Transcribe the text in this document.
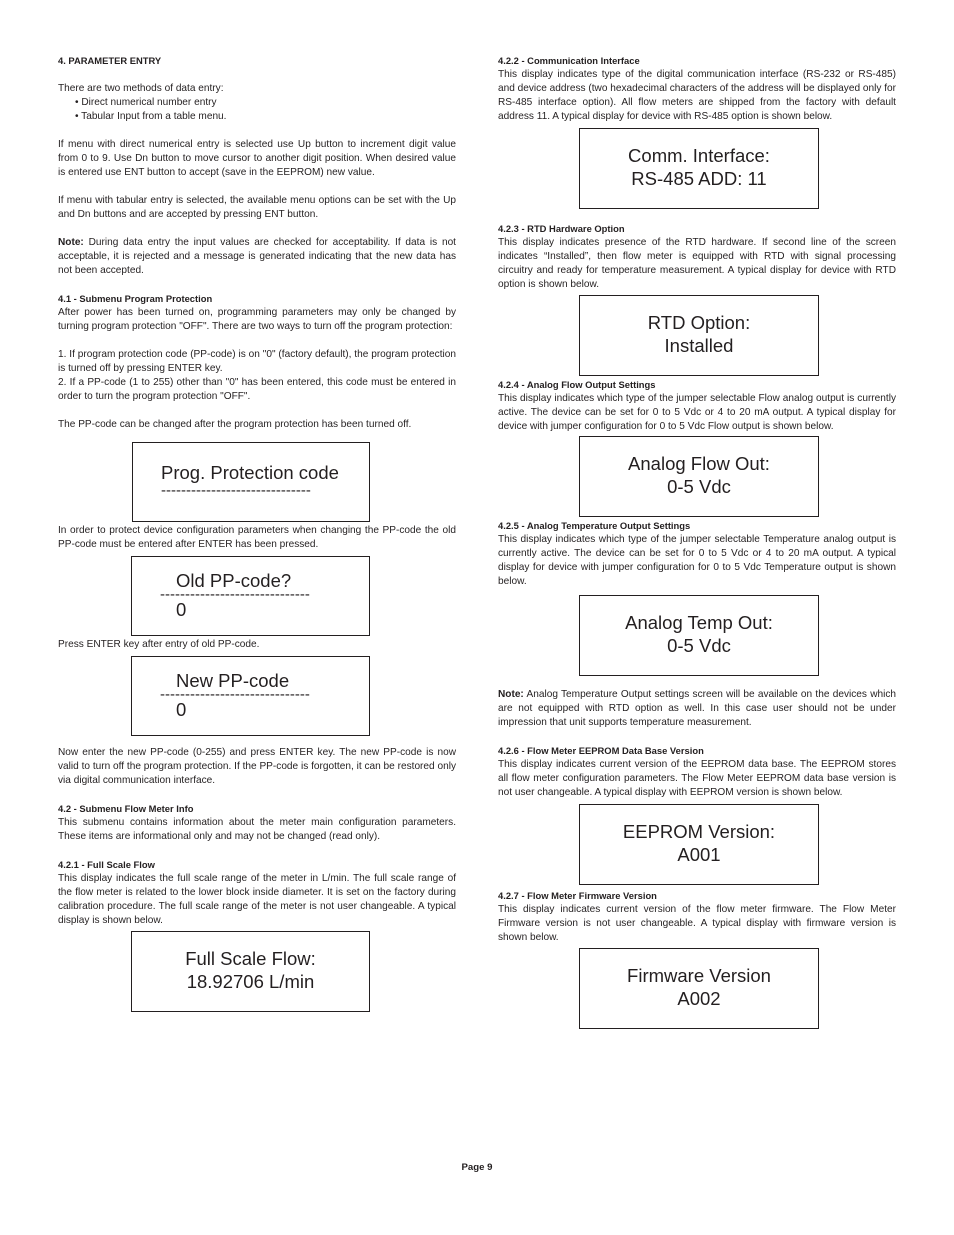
4. PARAMETER ENTRY

There are two methods of data entry:

• Direct numerical number entry

• Tabular Input from a table menu.

If menu with direct numerical entry is selected use Up button to increment digit value from 0 to 9. Use Dn button to move cursor to another digit position. When desired value is entered use ENT button to accept (save in the EEPROM) new value.

If menu with tabular entry is selected, the available menu options can be set with the Up and Dn buttons and are accepted by pressing ENT button.

Note: During data entry the input values are checked for acceptability. If data is not acceptable, it is rejected and a message is generated indicating that the new data has not been accepted.

4.1 - Submenu Program Protection

After power has been turned on, programming parameters may only be changed by turning program protection "OFF". There are two ways to turn off the program protection:

1. If program protection code (PP-code) is on "0" (factory default), the program protection is turned off by pressing ENTER key.

2. If a PP-code (1 to 255) other than "0" has been entered, this code must be entered in order to turn the program protection "OFF".

The PP-code can be changed after the program protection has been turned off.

Prog. Protection code
------------------------------

In order to protect device configuration parameters when changing the PP-code the old PP-code must be entered after ENTER has been pressed.

Old PP-code?
------------------------------
0

Press ENTER key after entry of old PP-code.

New PP-code
------------------------------
0

Now enter the new PP-code (0-255) and press ENTER key. The new PP-code is now valid to turn off the program protection. If the PP-code is forgotten, it can be restored only via digital communication interface.

4.2 - Submenu Flow Meter Info

This submenu contains information about the meter main configuration parameters. These items are informational only and may not be changed (read only).

4.2.1 - Full Scale Flow

This display indicates the full scale range of the meter in L/min. The full scale range of the flow meter is related to the lower block inside diameter. It is set on the factory during calibration procedure. The full scale range of the meter is not user changeable. A typical display is shown below.

Full Scale Flow:
18.92706 L/min

4.2.2 - Communication Interface

This display indicates type of the digital communication interface (RS-232 or RS-485) and device address (two hexadecimal characters of the address will be displayed only for RS-485 interface option). All flow meters are shipped from the factory with default address 11. A typical display for device with RS-485 option is shown below.

Comm. Interface:
RS-485 ADD: 11

4.2.3 - RTD Hardware Option

This display indicates presence of the RTD hardware. If second line of the screen indicates “Installed”, then flow meter is equipped with RTD with signal processing circuitry and ready for temperature measurement. A typical display for device with RTD option is shown below.

RTD Option:
Installed

4.2.4 - Analog Flow Output Settings

This display indicates which type of the jumper selectable Flow analog output is currently active. The device can be set for 0 to 5 Vdc or 4 to 20 mA output. A typical display for device with jumper configuration for 0 to 5 Vdc Flow output is shown below.

Analog Flow Out:
0-5 Vdc

4.2.5 - Analog Temperature Output Settings

This display indicates which type of the jumper selectable Temperature analog output is currently active. The device can be set for 0 to 5 Vdc or 4 to 20 mA output. A typical display for device with jumper configuration for 0 to 5 Vdc Temperature output is shown below.

Analog Temp Out:
0-5 Vdc

Note: Analog Temperature Output settings screen will be available on the devices which are not equipped with RTD option as well. In this case user should not be under impression that unit supports temperature measurement.

4.2.6 - Flow Meter EEPROM Data Base Version

This display indicates current version of the EEPROM data base. The EEPROM stores all flow meter configuration parameters. The Flow Meter EEPROM data base version is not user changeable. A typical display with EEPROM version is shown below.

EEPROM Version:
A001

4.2.7 - Flow Meter Firmware Version

This display indicates current version of the flow meter firmware. The Flow Meter Firmware version is not user changeable. A typical display with firmware version is shown below.

Firmware Version
A002
Page 9
